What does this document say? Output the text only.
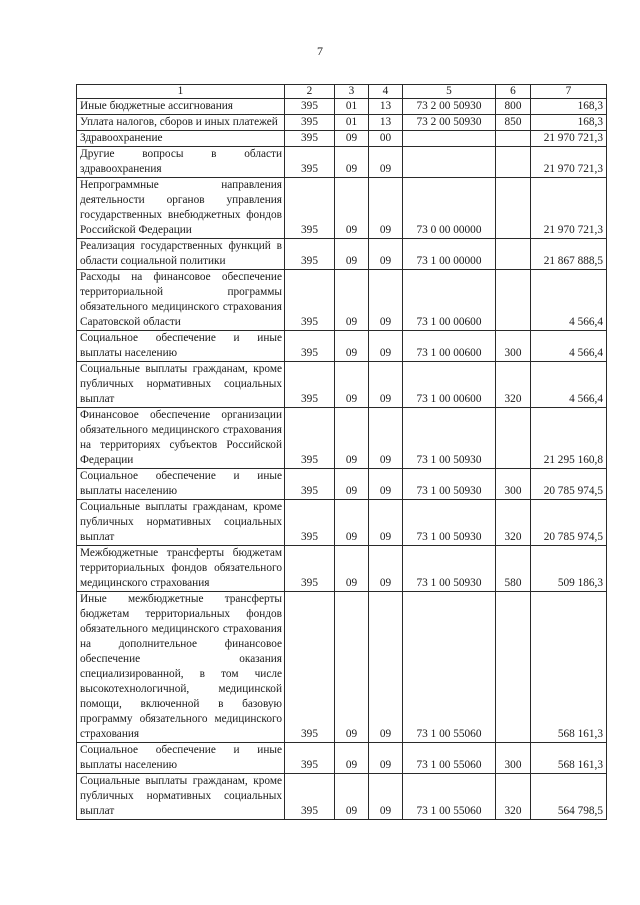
7
1	2	3	4	5	6	7
Иные бюджетные ассигнования	395	01	13	73 2 00 50930	800	168,3
Уплата налогов, сборов и иных платежей	395	01	13	73 2 00 50930	850	168,3
Здравоохранение	395	09	00			21 970 721,3
Другие вопросы в области здравоохранения	395	09	09			21 970 721,3
Непрограммные направления деятельности органов управления государственных внебюджетных фондов Российской Федерации	395	09	09	73 0 00 00000		21 970 721,3
Реализация государственных функций в области социальной политики	395	09	09	73 1 00 00000		21 867 888,5
Расходы на финансовое обеспечение территориальной программы обязательного медицинского страхования Саратовской области	395	09	09	73 1 00 00600		4 566,4
Социальное обеспечение и иные выплаты населению	395	09	09	73 1 00 00600	300	4 566,4
Социальные выплаты гражданам, кроме публичных нормативных социальных выплат	395	09	09	73 1 00 00600	320	4 566,4
Финансовое обеспечение организации обязательного медицинского страхования на территориях субъектов Российской Федерации	395	09	09	73 1 00 50930		21 295 160,8
Социальное обеспечение и иные выплаты населению	395	09	09	73 1 00 50930	300	20 785 974,5
Социальные выплаты гражданам, кроме публичных нормативных социальных выплат	395	09	09	73 1 00 50930	320	20 785 974,5
Межбюджетные трансферты бюджетам территориальных фондов обязательного медицинского страхования	395	09	09	73 1 00 50930	580	509 186,3
Иные межбюджетные трансферты бюджетам территориальных фондов обязательного медицинского страхования на дополнительное финансовое обеспечение оказания специализированной, в том числе высокотехнологичной, медицинской помощи, включенной в базовую программу обязательного медицинского страхования	395	09	09	73 1 00 55060		568 161,3
Социальное обеспечение и иные выплаты населению	395	09	09	73 1 00 55060	300	568 161,3
Социальные выплаты гражданам, кроме публичных нормативных социальных выплат	395	09	09	73 1 00 55060	320	564 798,5
